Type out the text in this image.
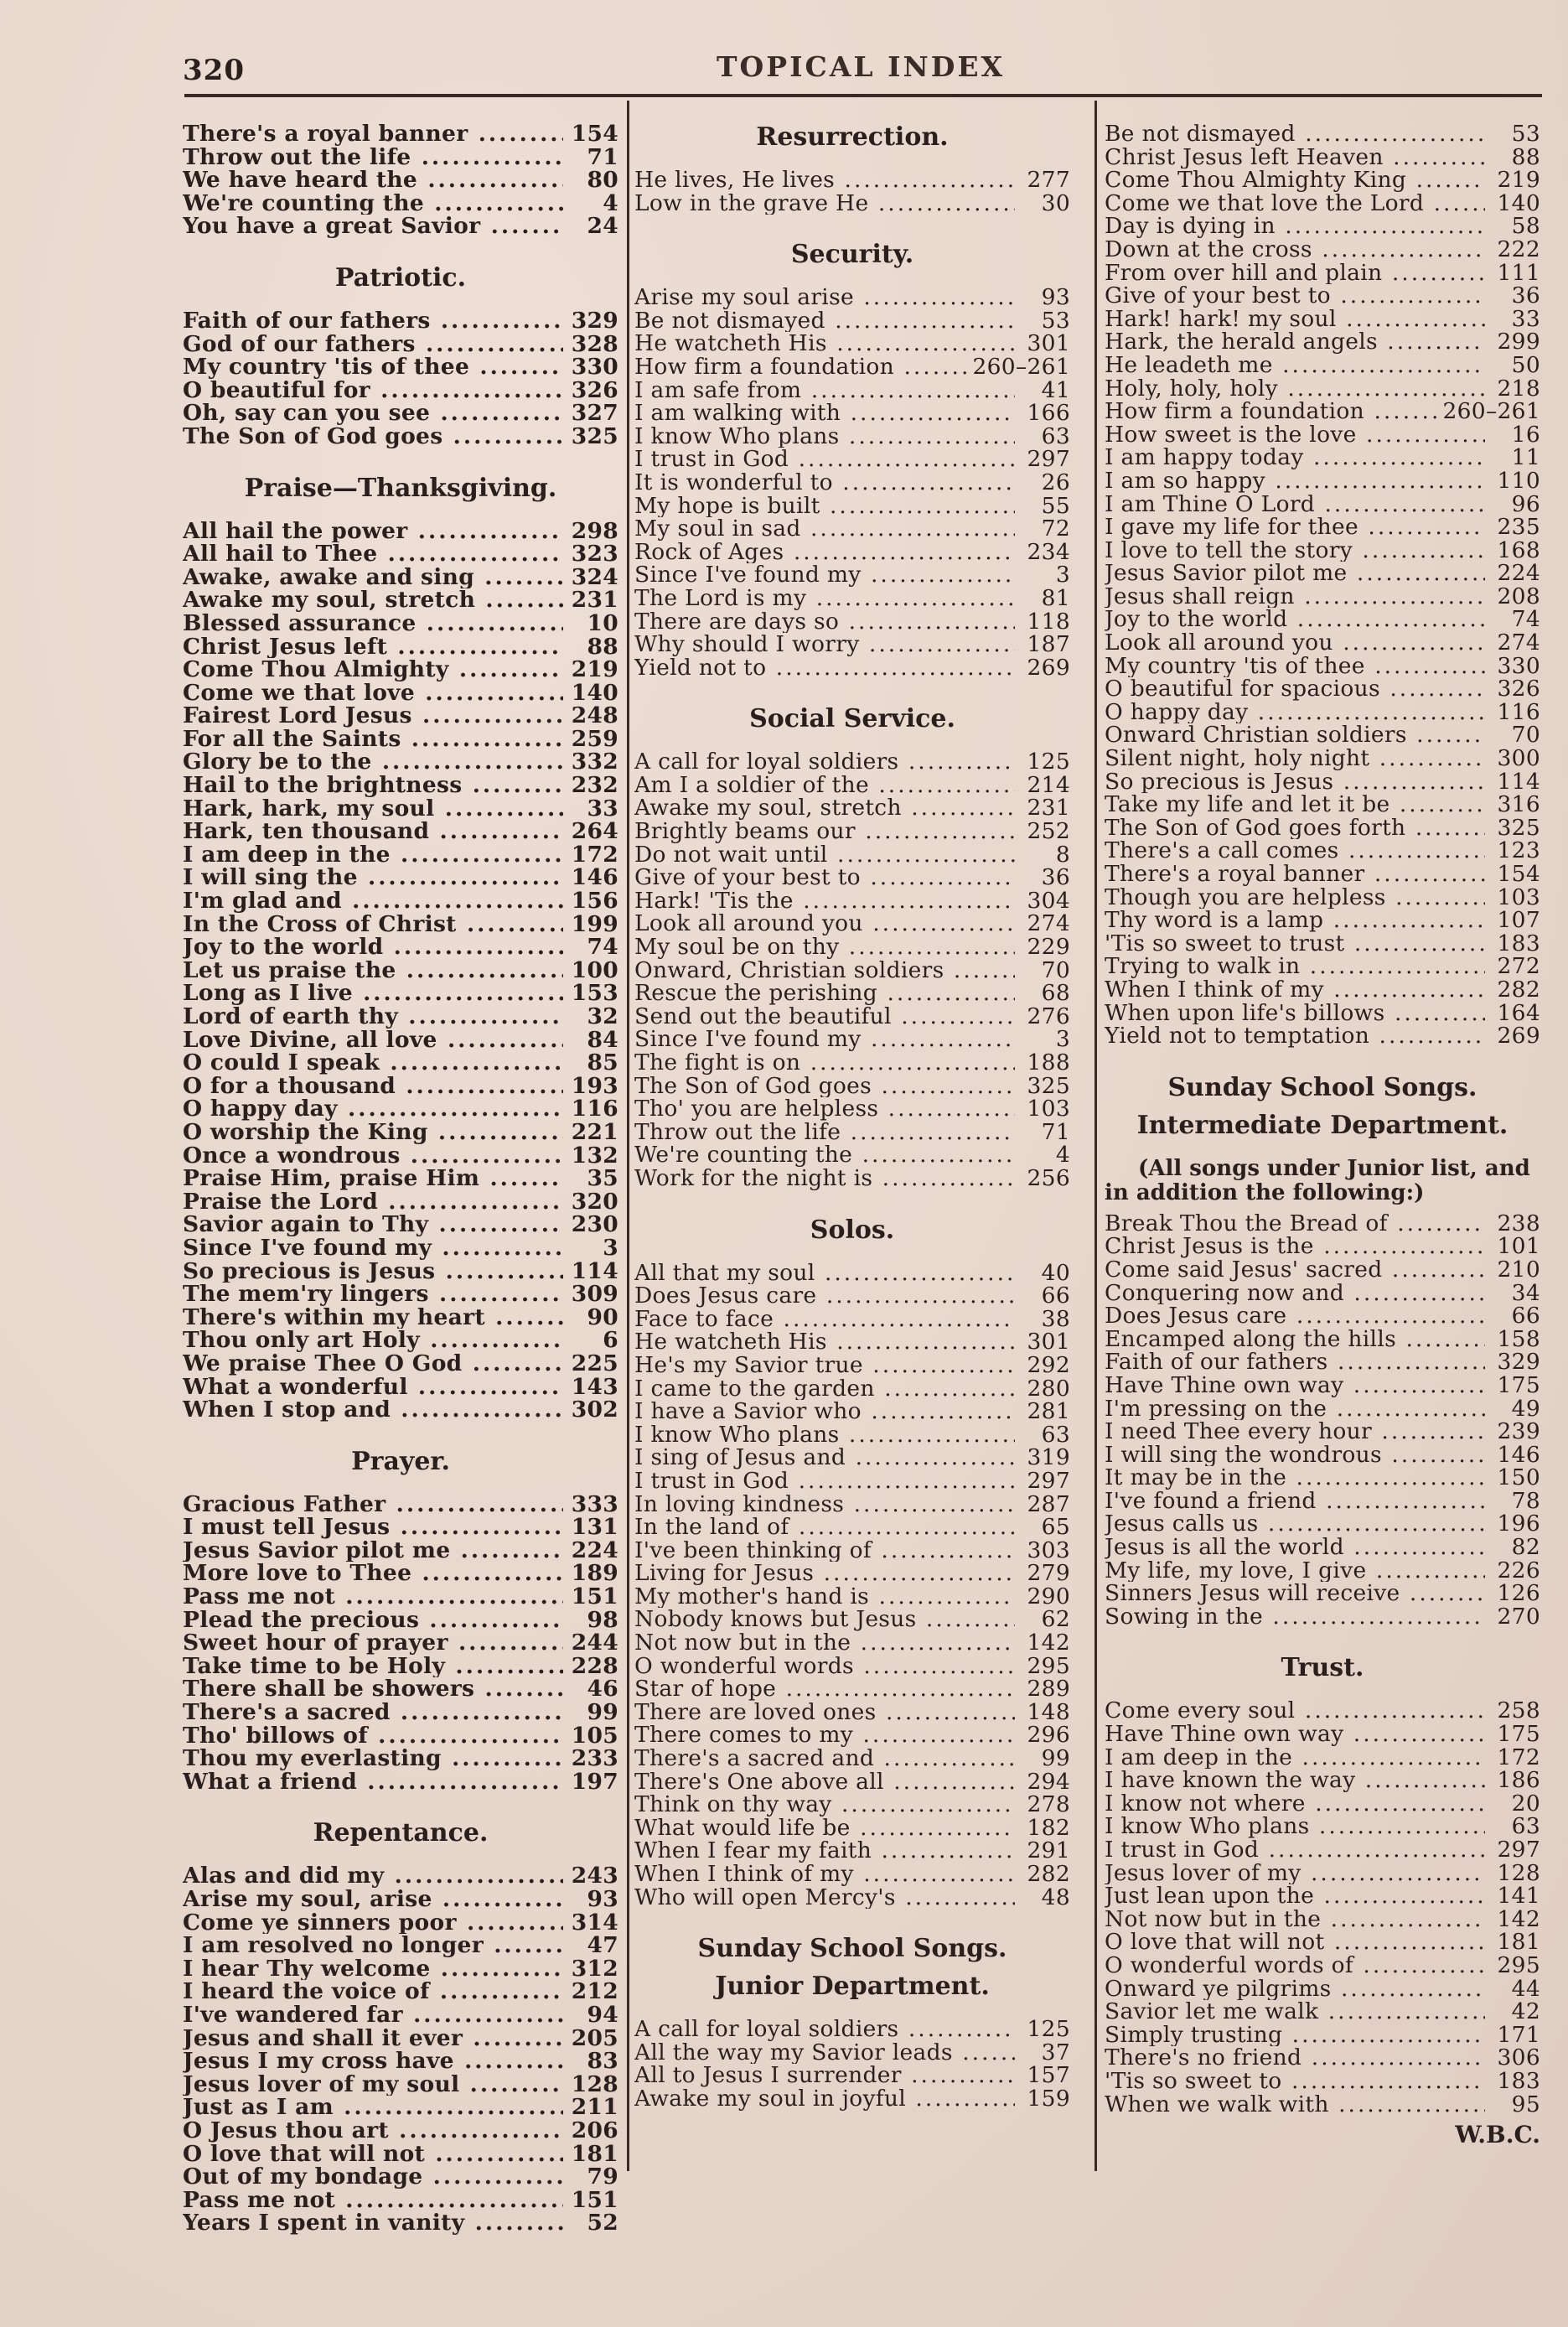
320	TOPICAL INDEX
There's a royal banner .....	154
Throw out the life .....	71
We have heard the .....	80
We're counting the .....	4
You have a great Savior .....	24
Patriotic.
Faith of our fathers .....	329
God of our fathers .....	328
My country 'tis of thee .....	330
O beautiful for .....	326
Oh, say can you see .....	327
The Son of God goes .....	325
Praise—Thanksgiving.
All hail the power .....	298
All hail to Thee .....	323
Awake, awake and sing .....	324
Awake my soul, stretch .....	231
Blessed assurance .....	10
Christ Jesus left .....	88
Come Thou Almighty .....	219
Come we that love .....	140
Fairest Lord Jesus .....	248
For all the Saints .....	259
Glory be to the .....	332
Hail to the brightness .....	232
Hark, hark, my soul .....	33
Hark, ten thousand .....	264
I am deep in the .....	172
I will sing the .....	146
I'm glad and .....	156
In the Cross of Christ .....	199
Joy to the world .....	74
Let us praise the .....	100
Long as I live .....	153
Lord of earth thy .....	32
Love Divine, all love .....	84
O could I speak .....	85
O for a thousand .....	193
O happy day .....	116
O worship the King .....	221
Once a wondrous .....	132
Praise Him, praise Him .....	35
Praise the Lord .....	320
Savior again to Thy .....	230
Since I've found my .....	3
So precious is Jesus .....	114
The mem'ry lingers .....	309
There's within my heart .....	90
Thou only art Holy .....	6
We praise Thee O God .....	225
What a wonderful .....	143
When I stop and .....	302
Prayer.
Gracious Father .....	333
I must tell Jesus .....	131
Jesus Savior pilot me .....	224
More love to Thee .....	189
Pass me not .....	151
Plead the precious .....	98
Sweet hour of prayer .....	244
Take time to be Holy .....	228
There shall be showers .....	46
There's a sacred .....	99
Tho' billows of .....	105
Thou my everlasting .....	233
What a friend .....	197
Repentance.
Alas and did my .....	243
Arise my soul, arise .....	93
Come ye sinners poor .....	314
I am resolved no longer .....	47
I hear Thy welcome .....	312
I heard the voice of .....	212
I've wandered far .....	94
Jesus and shall it ever .....	205
Jesus I my cross have .....	83
Jesus lover of my soul .....	128
Just as I am .....	211
O Jesus thou art .....	206
O love that will not .....	181
Out of my bondage .....	79
Pass me not .....	151
Years I spent in vanity .....	52
Resurrection.
He lives, He lives .....	277
Low in the grave He .....	30
Security.
Arise my soul arise .....	93
Be not dismayed .....	53
He watcheth His .....	301
How firm a foundation .....	260–261
I am safe from .....	41
I am walking with .....	166
I know Who plans .....	63
I trust in God .....	297
It is wonderful to .....	26
My hope is built .....	55
My soul in sad .....	72
Rock of Ages .....	234
Since I've found my .....	3
The Lord is my .....	81
There are days so .....	118
Why should I worry .....	187
Yield not to .....	269
Social Service.
A call for loyal soldiers .....	125
Am I a soldier of the .....	214
Awake my soul, stretch .....	231
Brightly beams our .....	252
Do not wait until .....	8
Give of your best to .....	36
Hark! 'Tis the .....	304
Look all around you .....	274
My soul be on thy .....	229
Onward, Christian soldiers .....	70
Rescue the perishing .....	68
Send out the beautiful .....	276
Since I've found my .....	3
The fight is on .....	188
The Son of God goes .....	325
Tho' you are helpless .....	103
Throw out the life .....	71
We're counting the .....	4
Work for the night is .....	256
Solos.
All that my soul .....	40
Does Jesus care .....	66
Face to face .....	38
He watcheth His .....	301
He's my Savior true .....	292
I came to the garden .....	280
I have a Savior who .....	281
I know Who plans .....	63
I sing of Jesus and .....	319
I trust in God .....	297
In loving kindness .....	287
In the land of .....	65
I've been thinking of .....	303
Living for Jesus .....	279
My mother's hand is .....	290
Nobody knows but Jesus .....	62
Not now but in the .....	142
O wonderful words .....	295
Star of hope .....	289
There are loved ones .....	148
There comes to my .....	296
There's a sacred and .....	99
There's One above all .....	294
Think on thy way .....	278
What would life be .....	182
When I fear my faith .....	291
When I think of my .....	282
Who will open Mercy's .....	48
Sunday School Songs.
Junior Department.
A call for loyal soldiers .....	125
All the way my Savior leads .....	37
All to Jesus I surrender .....	157
Awake my soul in joyful .....	159
Be not dismayed .....	53
Christ Jesus left Heaven .....	88
Come Thou Almighty King .....	219
Come we that love the Lord .....	140
Day is dying in .....	58
Down at the cross .....	222
From over hill and plain .....	111
Give of your best to .....	36
Hark! hark! my soul .....	33
Hark, the herald angels .....	299
He leadeth me .....	50
Holy, holy, holy .....	218
How firm a foundation .....	260–261
How sweet is the love .....	16
I am happy today .....	11
I am so happy .....	110
I am Thine O Lord .....	96
I gave my life for thee .....	235
I love to tell the story .....	168
Jesus Savior pilot me .....	224
Jesus shall reign .....	208
Joy to the world .....	74
Look all around you .....	274
My country 'tis of thee .....	330
O beautiful for spacious .....	326
O happy day .....	116
Onward Christian soldiers .....	70
Silent night, holy night .....	300
So precious is Jesus .....	114
Take my life and let it be .....	316
The Son of God goes forth .....	325
There's a call comes .....	123
There's a royal banner .....	154
Though you are helpless .....	103
Thy word is a lamp .....	107
'Tis so sweet to trust .....	183
Trying to walk in .....	272
When I think of my .....	282
When upon life's billows .....	164
Yield not to temptation .....	269
Sunday School Songs.
Intermediate Department.
(All songs under Junior list, and in addition the following:)
Break Thou the Bread of .....	238
Christ Jesus is the .....	101
Come said Jesus' sacred .....	210
Conquering now and .....	34
Does Jesus care .....	66
Encamped along the hills .....	158
Faith of our fathers .....	329
Have Thine own way .....	175
I'm pressing on the .....	49
I need Thee every hour .....	239
I will sing the wondrous .....	146
It may be in the .....	150
I've found a friend .....	78
Jesus calls us .....	196
Jesus is all the world .....	82
My life, my love, I give .....	226
Sinners Jesus will receive .....	126
Sowing in the .....	270
Trust.
Come every soul .....	258
Have Thine own way .....	175
I am deep in the .....	172
I have known the way .....	186
I know not where .....	20
I know Who plans .....	63
I trust in God .....	297
Jesus lover of my .....	128
Just lean upon the .....	141
Not now but in the .....	142
O love that will not .....	181
O wonderful words of .....	295
Onward ye pilgrims .....	44
Savior let me walk .....	42
Simply trusting .....	171
There's no friend .....	306
'Tis so sweet to .....	183
When we walk with .....	95
W.B.C.
